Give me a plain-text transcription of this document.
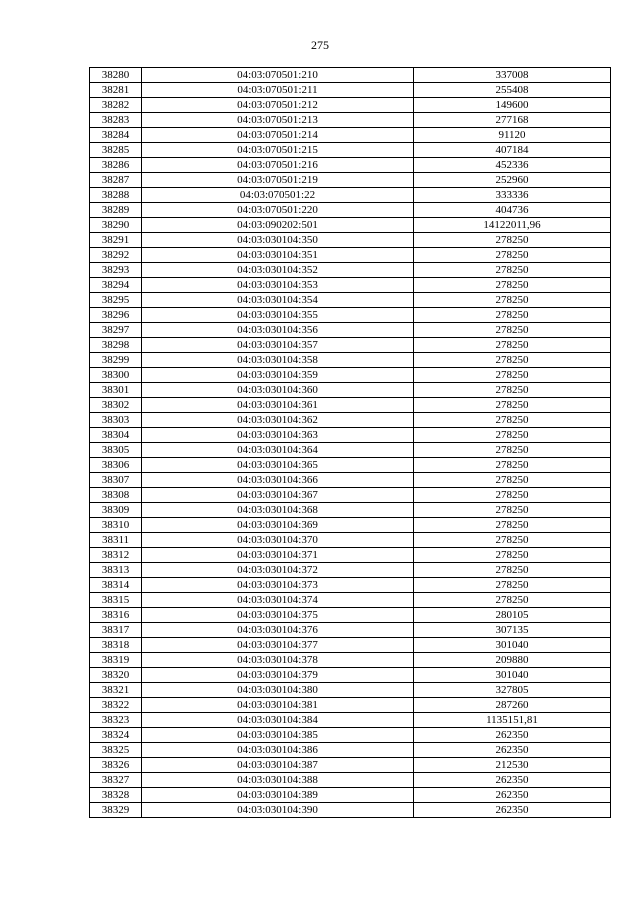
275
38280	04:03:070501:210	337008
38281	04:03:070501:211	255408
38282	04:03:070501:212	149600
38283	04:03:070501:213	277168
38284	04:03:070501:214	91120
38285	04:03:070501:215	407184
38286	04:03:070501:216	452336
38287	04:03:070501:219	252960
38288	04:03:070501:22	333336
38289	04:03:070501:220	404736
38290	04:03:090202:501	14122011,96
38291	04:03:030104:350	278250
38292	04:03:030104:351	278250
38293	04:03:030104:352	278250
38294	04:03:030104:353	278250
38295	04:03:030104:354	278250
38296	04:03:030104:355	278250
38297	04:03:030104:356	278250
38298	04:03:030104:357	278250
38299	04:03:030104:358	278250
38300	04:03:030104:359	278250
38301	04:03:030104:360	278250
38302	04:03:030104:361	278250
38303	04:03:030104:362	278250
38304	04:03:030104:363	278250
38305	04:03:030104:364	278250
38306	04:03:030104:365	278250
38307	04:03:030104:366	278250
38308	04:03:030104:367	278250
38309	04:03:030104:368	278250
38310	04:03:030104:369	278250
38311	04:03:030104:370	278250
38312	04:03:030104:371	278250
38313	04:03:030104:372	278250
38314	04:03:030104:373	278250
38315	04:03:030104:374	278250
38316	04:03:030104:375	280105
38317	04:03:030104:376	307135
38318	04:03:030104:377	301040
38319	04:03:030104:378	209880
38320	04:03:030104:379	301040
38321	04:03:030104:380	327805
38322	04:03:030104:381	287260
38323	04:03:030104:384	1135151,81
38324	04:03:030104:385	262350
38325	04:03:030104:386	262350
38326	04:03:030104:387	212530
38327	04:03:030104:388	262350
38328	04:03:030104:389	262350
38329	04:03:030104:390	262350
